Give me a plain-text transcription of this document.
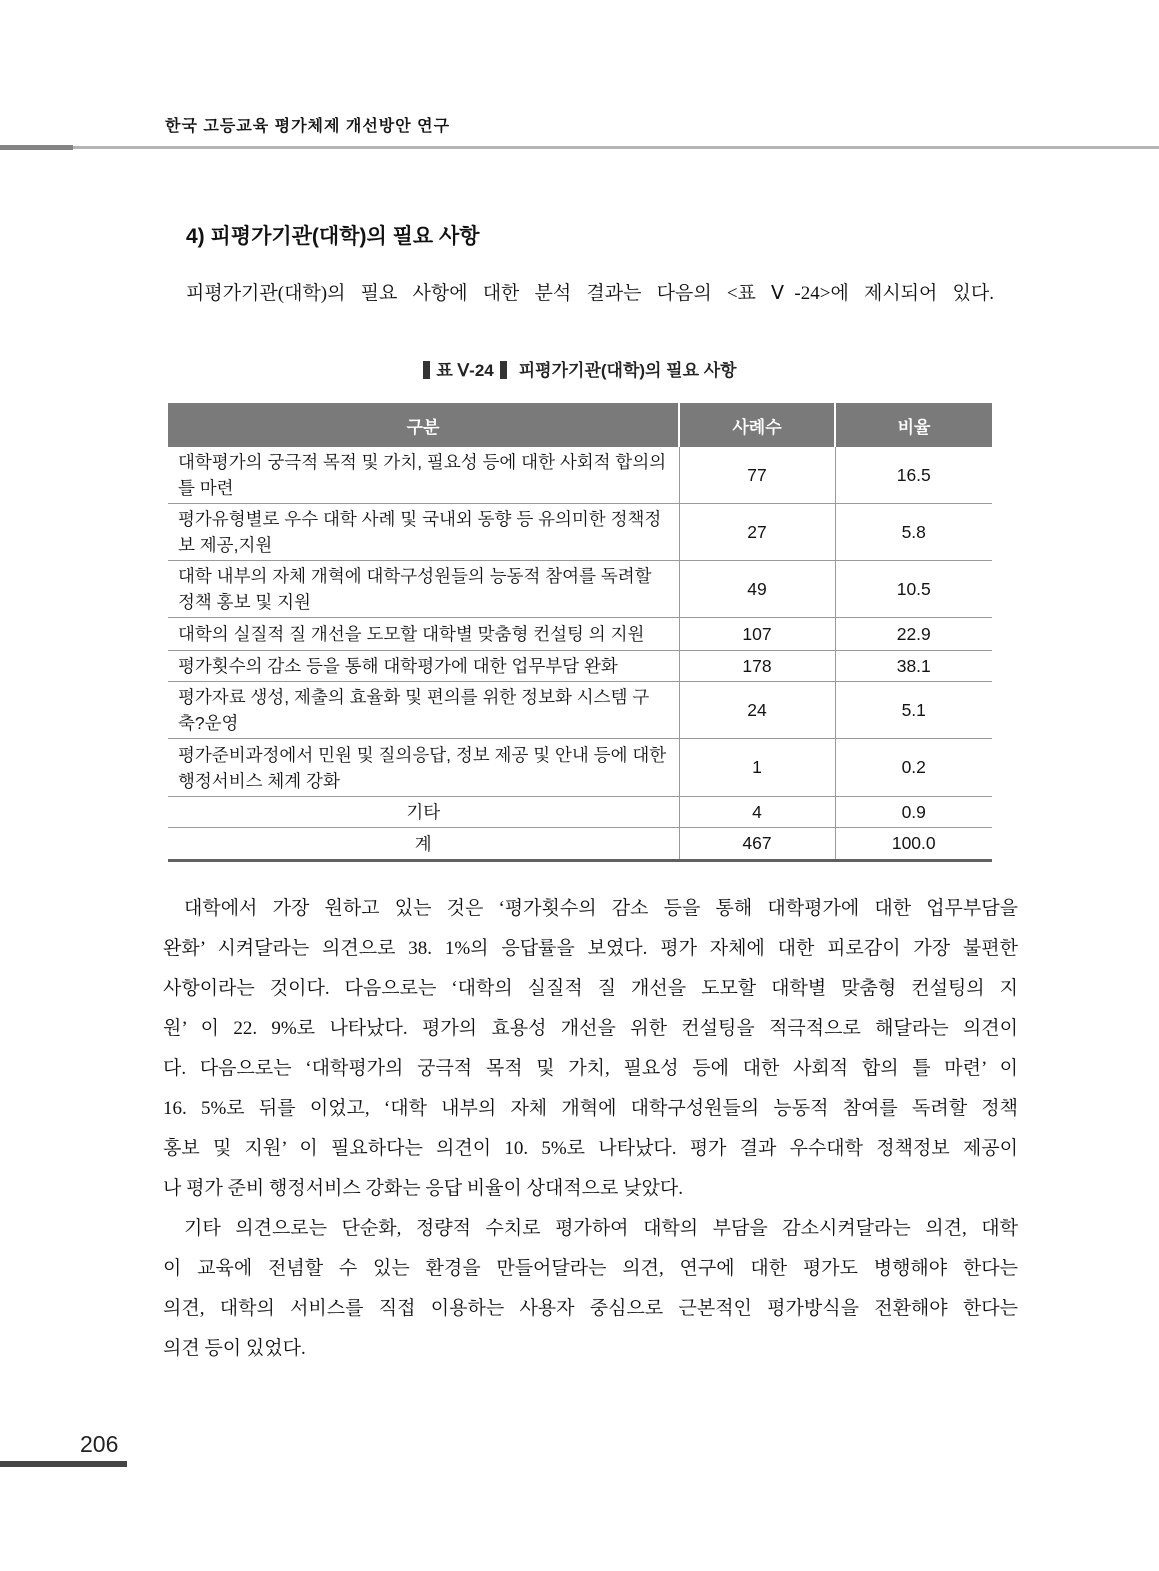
한국 고등교육 평가체제 개선방안 연구
4) 피평가기관(대학)의 필요 사항
피평가기관(대학)의 필요 사항에 대한 분석 결과는 다음의 <표 Ⅴ-24>에 제시되어 있다.
표 Ⅴ-24 피평가기관(대학)의 필요 사항
구분	사례수	비율
대학평가의 궁극적 목적 및 가치, 필요성 등에 대한 사회적 합의의 틀 마련	77	16.5
평가유형별로 우수 대학 사례 및 국내외 동향 등 유의미한 정책정보 제공,지원	27	5.8
대학 내부의 자체 개혁에 대학구성원들의 능동적 참여를 독려할 정책 홍보 및 지원	49	10.5
대학의 실질적 질 개선을 도모할 대학별 맞춤형 컨설팅 의 지원	107	22.9
평가횟수의 감소 등을 통해 대학평가에 대한 업무부담 완화	178	38.1
평가자료 생성, 제출의 효율화 및 편의를 위한 정보화 시스템 구축?운영	24	5.1
평가준비과정에서 민원 및 질의응답, 정보 제공 및 안내 등에 대한 행정서비스 체계 강화	1	0.2
기타	4	0.9
계	467	100.0
대학에서 가장 원하고 있는 것은 ‘평가횟수의 감소 등을 통해 대학평가에 대한 업무부담을
완화’ 시켜달라는 의견으로 38. 1%의 응답률을 보였다. 평가 자체에 대한 피로감이 가장 불편한
사항이라는 것이다. 다음으로는 ‘대학의 실질적 질 개선을 도모할 대학별 맞춤형 컨설팅의 지
원’ 이 22. 9%로 나타났다. 평가의 효용성 개선을 위한 컨설팅을 적극적으로 해달라는 의견이
다. 다음으로는 ‘대학평가의 궁극적 목적 및 가치, 필요성 등에 대한 사회적 합의 틀 마련’ 이
16. 5%로 뒤를 이었고, ‘대학 내부의 자체 개혁에 대학구성원들의 능동적 참여를 독려할 정책
홍보 및 지원’ 이 필요하다는 의견이 10. 5%로 나타났다. 평가 결과 우수대학 정책정보 제공이
나 평가 준비 행정서비스 강화는 응답 비율이 상대적으로 낮았다.
기타 의견으로는 단순화, 정량적 수치로 평가하여 대학의 부담을 감소시켜달라는 의견, 대학
이 교육에 전념할 수 있는 환경을 만들어달라는 의견, 연구에 대한 평가도 병행해야 한다는
의견, 대학의 서비스를 직접 이용하는 사용자 중심으로 근본적인 평가방식을 전환해야 한다는
의견 등이 있었다.
206
